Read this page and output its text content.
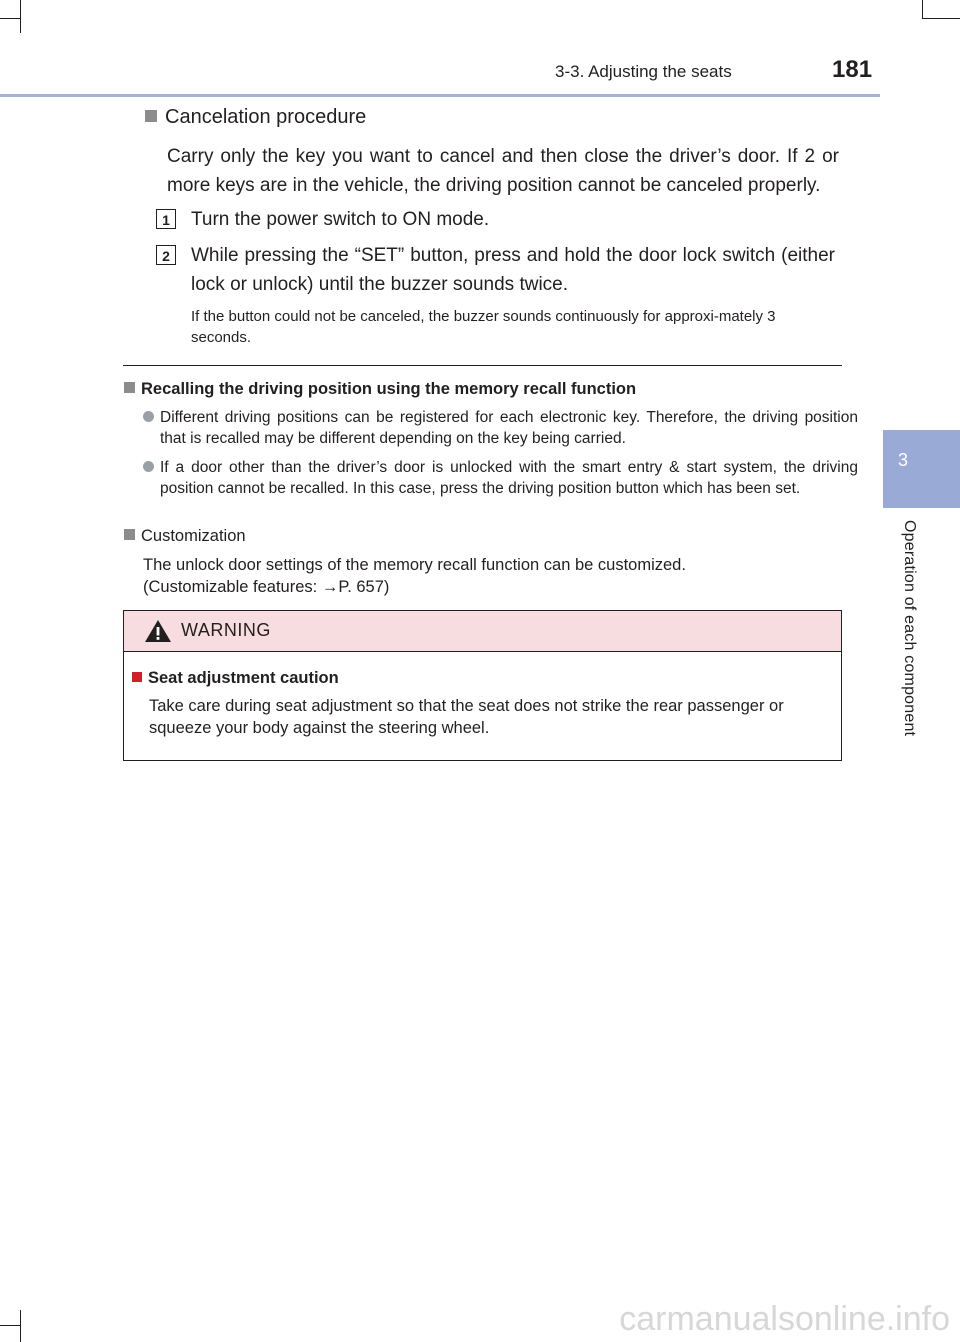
3-3. Adjusting the seats	181
3
Operation of each component
Cancelation procedure
Carry only the key you want to cancel and then close the driver’s door. If 2 or more keys are in the vehicle, the driving position cannot be canceled properly.
1	Turn the power switch to ON mode.
2	While pressing the “SET” button, press and hold the door lock switch (either lock or unlock) until the buzzer sounds twice.
If the button could not be canceled, the buzzer sounds continuously for approxi-mately 3 seconds.
Recalling the driving position using the memory recall function
Different driving positions can be registered for each electronic key. Therefore, the driving position that is recalled may be different depending on the key being carried.
If a door other than the driver’s door is unlocked with the smart entry & start system, the driving position cannot be recalled. In this case, press the driving position button which has been set.
Customization
The unlock door settings of the memory recall function can be customized.
(Customizable features: →P. 657)
WARNING
Seat adjustment caution
Take care during seat adjustment so that the seat does not strike the rear passenger or squeeze your body against the steering wheel.
carmanualsonline.info
